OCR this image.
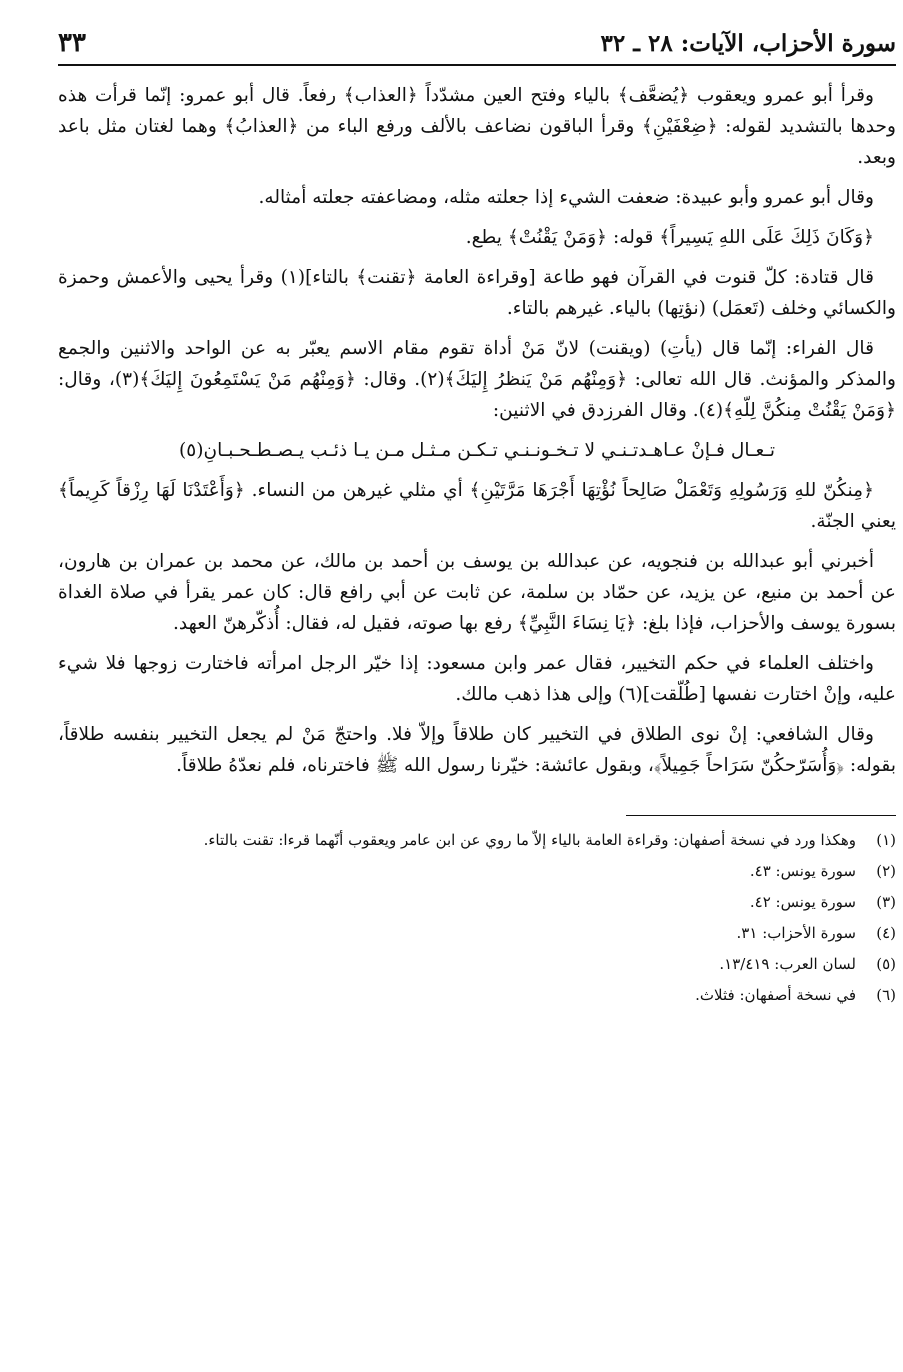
سورة الأحزاب، الآيات: ٢٨ ـ ٣٢
٣٣

وقرأ أبو عمرو ويعقوب ﴿يُضعَّف﴾ بالياء وفتح العين مشدّداً ﴿العذاب﴾ رفعاً. قال أبو عمرو: إنّما قرأت هذه وحدها بالتشديد لقوله: ﴿ضِعْفَيْنِ﴾ وقرأ الباقون نضاعف بالألف ورفع الباء من ﴿العذابُ﴾ وهما لغتان مثل باعد وبعد.

وقال أبو عمرو وأبو عبيدة: ضعفت الشيء إذا جعلته مثله، ومضاعفته جعلته أمثاله.

﴿وَكَانَ ذَلِكَ عَلَى اللهِ يَسِيراً﴾ قوله: ﴿وَمَنْ يَقْنُتْ﴾ يطع.

قال قتادة: كلّ قنوت في القرآن فهو طاعة [وقراءة العامة ﴿تقنت﴾ بالتاء](١) وقرأ يحيى والأعمش وحمزة والكسائي وخلف (تَعمَل) (نؤتِها) بالياء. غيرهم بالتاء.

قال الفراء: إنّما قال (يأتِ) (ويقنت) لانّ مَنْ أداة تقوم مقام الاسم يعبّر به عن الواحد والاثنين والجمع والمذكر والمؤنث. قال الله تعالى: ﴿وَمِنْهُم مَنْ يَنظرُ إِليَكَ﴾(٢). وقال: ﴿وَمِنْهُم مَنْ يَسْتَمِعُونَ إِليَكَ﴾(٣)، وقال: ﴿وَمَنْ يَقْنُتْ مِنكُنَّ لِلّهِ﴾(٤). وقال الفرزدق في الاثنين:

تـعـال فـإنْ عـاهـدتـنـي لا تـخـونـنـي تـكـن مـثـل مـن يـا ذئـب يـصـطـحـبـانِ(٥)

﴿مِنكُنّ للهِ وَرَسُولِهِ وَتَعْمَلْ صَالِحاً نُؤْتِهَا أَجْرَهَا مَرَّتَيْنِ﴾ أي مثلي غيرهن من النساء. ﴿وَأَعْتَدْنَا لَهَا رِزْقاً كَرِيماً﴾ يعني الجنّة.

أخبرني أبو عبدالله بن فنجويه، عن عبدالله بن يوسف بن أحمد بن مالك، عن محمد بن عمران بن هارون، عن أحمد بن منيع، عن يزيد، عن حمّاد بن سلمة، عن ثابت عن أبي رافع قال: كان عمر يقرأ في صلاة الغداة بسورة يوسف والأحزاب، فإذا بلغ: ﴿يَا نِسَاءَ النَّبِيِّ﴾ رفع بها صوته، فقيل له، فقال: أُذكّرهنّ العهد.

واختلف العلماء في حكم التخيير، فقال عمر وابن مسعود: إذا خيّر الرجل امرأته فاختارت زوجها فلا شيء عليه، وإنْ اختارت نفسها [طُلّقت](٦) وإلى هذا ذهب مالك.

وقال الشافعي: إنْ نوى الطلاق في التخيير كان طلاقاً وإلاّ فلا. واحتجّ مَنْ لم يجعل التخيير بنفسه طلاقاً، بقوله: ﴿وَأُسَرّحكُنّ سَرَاحاً جَمِيلاً﴾، وبقول عائشة: خيّرنا رسول الله ﷺ فاخترناه، فلم نعدّهُ طلاقاً.

(١)
وهكذا ورد في نسخة أصفهان: وقراءة العامة بالياء إلاّ ما روي عن ابن عامر ويعقوب أنّهما قرءا: تقنت بالتاء.
(٢)
سورة يونس: ٤٣.
(٣)
سورة يونس: ٤٢.
(٤)
سورة الأحزاب: ٣١.
(٥)
لسان العرب: ١٣/٤١٩.
(٦)
في نسخة أصفهان: فثلاث.
